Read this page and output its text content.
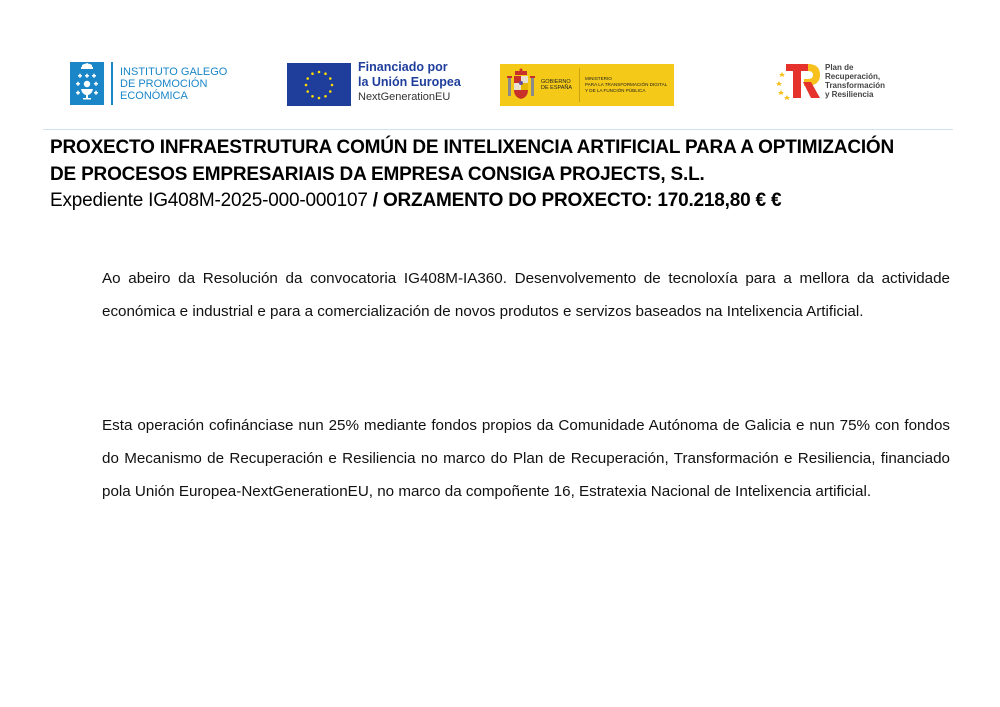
INSTITUTO GALEGO
DE PROMOCIÓN
ECONÓMICA
Financiado por
la Unión Europea
NextGenerationEU
GOBIERNO
DE ESPAÑA
MINISTERIO
PARA LA TRANSFORMACIÓN DIGITAL
Y DE LA FUNCIÓN PÚBLICA
Plan de
Recuperación,
Transformación
y Resiliencia
PROXECTO INFRAESTRUTURA COMÚN DE INTELIXENCIA ARTIFICIAL PARA A OPTIMIZACIÓN
DE PROCESOS EMPRESARIAIS DA EMPRESA CONSIGA PROJECTS, S.L.
Expediente IG408M-2025-000-000107 / ORZAMENTO DO PROXECTO: 170.218,80 € €
Ao abeiro da Resolución da convocatoria IG408M-IA360. Desenvolvemento de tecnoloxía para a mellora da actividade económica e industrial e para a comercialización de novos produtos e servizos baseados na Intelixencia Artificial.
Esta operación cofinánciase nun 25% mediante fondos propios da Comunidade Autónoma de Galicia e nun 75% con fondos do Mecanismo de Recuperación e Resiliencia no marco do Plan de Recuperación, Transformación e Resiliencia, financiado pola Unión Europea-NextGenerationEU, no marco da compoñente 16, Estratexia Nacional de Intelixencia artificial.
